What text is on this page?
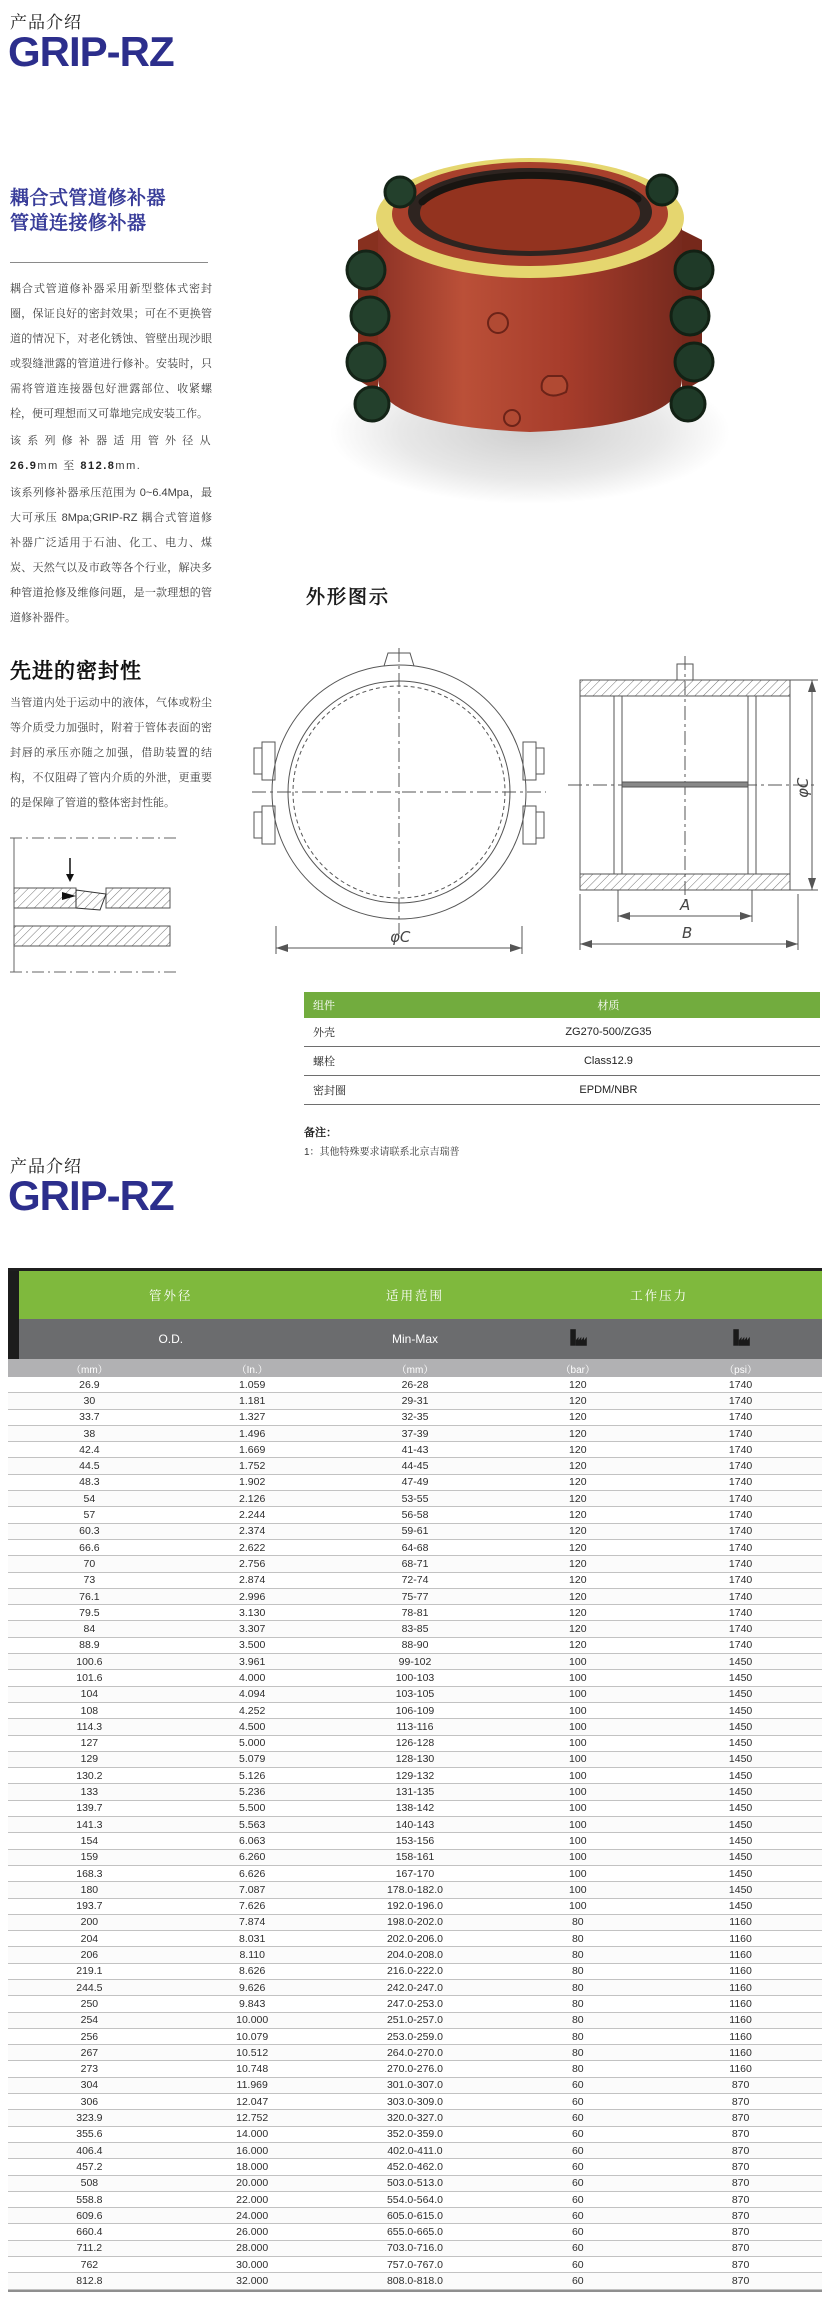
产品介绍
GRIP-RZ
耦合式管道修补器
管道连接修补器

耦合式管道修补器采用新型整体式密封圈，保证良好的密封效果；可在不更换管道的情况下，对老化锈蚀、管壁出现沙眼或裂缝泄露的管道进行修补。安装时，只需将管道连接器包好泄露部位、收紧螺栓，便可理想而又可靠地完成安装工作。

该系列修补器适用管外径从 26.9mm 至 812.8mm.

该系列修补器承压范围为 0~6.4Mpa，最大可承压 8Mpa;GRIP-RZ 耦合式管道修补器广泛适用于石油、化工、电力、煤炭、天然气以及市政等各个行业，解决多种管道抢修及维修问题，是一款理想的管道修补器件。

先进的密封性

当管道内处于运动中的液体，气体或粉尘等介质受力加强时，附着于管体表面的密封唇的承压亦随之加强，借助装置的结构，不仅阻碍了管内介质的外泄，更重要的是保障了管道的整体密封性能。

外形图示
φC
A
B
φC
组件	材质
外壳	ZG270-500/ZG35
螺栓	Class12.9
密封圈	EPDM/NBR
备注：
1：其他特殊要求请联系北京吉瑞普
产品介绍
GRIP-RZ
管外径	适用范围	工作压力
O.D.	Min-Max
（mm）	（In.）	（mm）	（bar）	（psi）
26.9	1.059	26-28	120	1740
30	1.181	29-31	120	1740
33.7	1.327	32-35	120	1740
38	1.496	37-39	120	1740
42.4	1.669	41-43	120	1740
44.5	1.752	44-45	120	1740
48.3	1.902	47-49	120	1740
54	2.126	53-55	120	1740
57	2.244	56-58	120	1740
60.3	2.374	59-61	120	1740
66.6	2.622	64-68	120	1740
70	2.756	68-71	120	1740
73	2.874	72-74	120	1740
76.1	2.996	75-77	120	1740
79.5	3.130	78-81	120	1740
84	3.307	83-85	120	1740
88.9	3.500	88-90	120	1740
100.6	3.961	99-102	100	1450
101.6	4.000	100-103	100	1450
104	4.094	103-105	100	1450
108	4.252	106-109	100	1450
114.3	4.500	113-116	100	1450
127	5.000	126-128	100	1450
129	5.079	128-130	100	1450
130.2	5.126	129-132	100	1450
133	5.236	131-135	100	1450
139.7	5.500	138-142	100	1450
141.3	5.563	140-143	100	1450
154	6.063	153-156	100	1450
159	6.260	158-161	100	1450
168.3	6.626	167-170	100	1450
180	7.087	178.0-182.0	100	1450
193.7	7.626	192.0-196.0	100	1450
200	7.874	198.0-202.0	80	1160
204	8.031	202.0-206.0	80	1160
206	8.110	204.0-208.0	80	1160
219.1	8.626	216.0-222.0	80	1160
244.5	9.626	242.0-247.0	80	1160
250	9.843	247.0-253.0	80	1160
254	10.000	251.0-257.0	80	1160
256	10.079	253.0-259.0	80	1160
267	10.512	264.0-270.0	80	1160
273	10.748	270.0-276.0	80	1160
304	11.969	301.0-307.0	60	870
306	12.047	303.0-309.0	60	870
323.9	12.752	320.0-327.0	60	870
355.6	14.000	352.0-359.0	60	870
406.4	16.000	402.0-411.0	60	870
457.2	18.000	452.0-462.0	60	870
508	20.000	503.0-513.0	60	870
558.8	22.000	554.0-564.0	60	870
609.6	24.000	605.0-615.0	60	870
660.4	26.000	655.0-665.0	60	870
711.2	28.000	703.0-716.0	60	870
762	30.000	757.0-767.0	60	870
812.8	32.000	808.0-818.0	60	870
